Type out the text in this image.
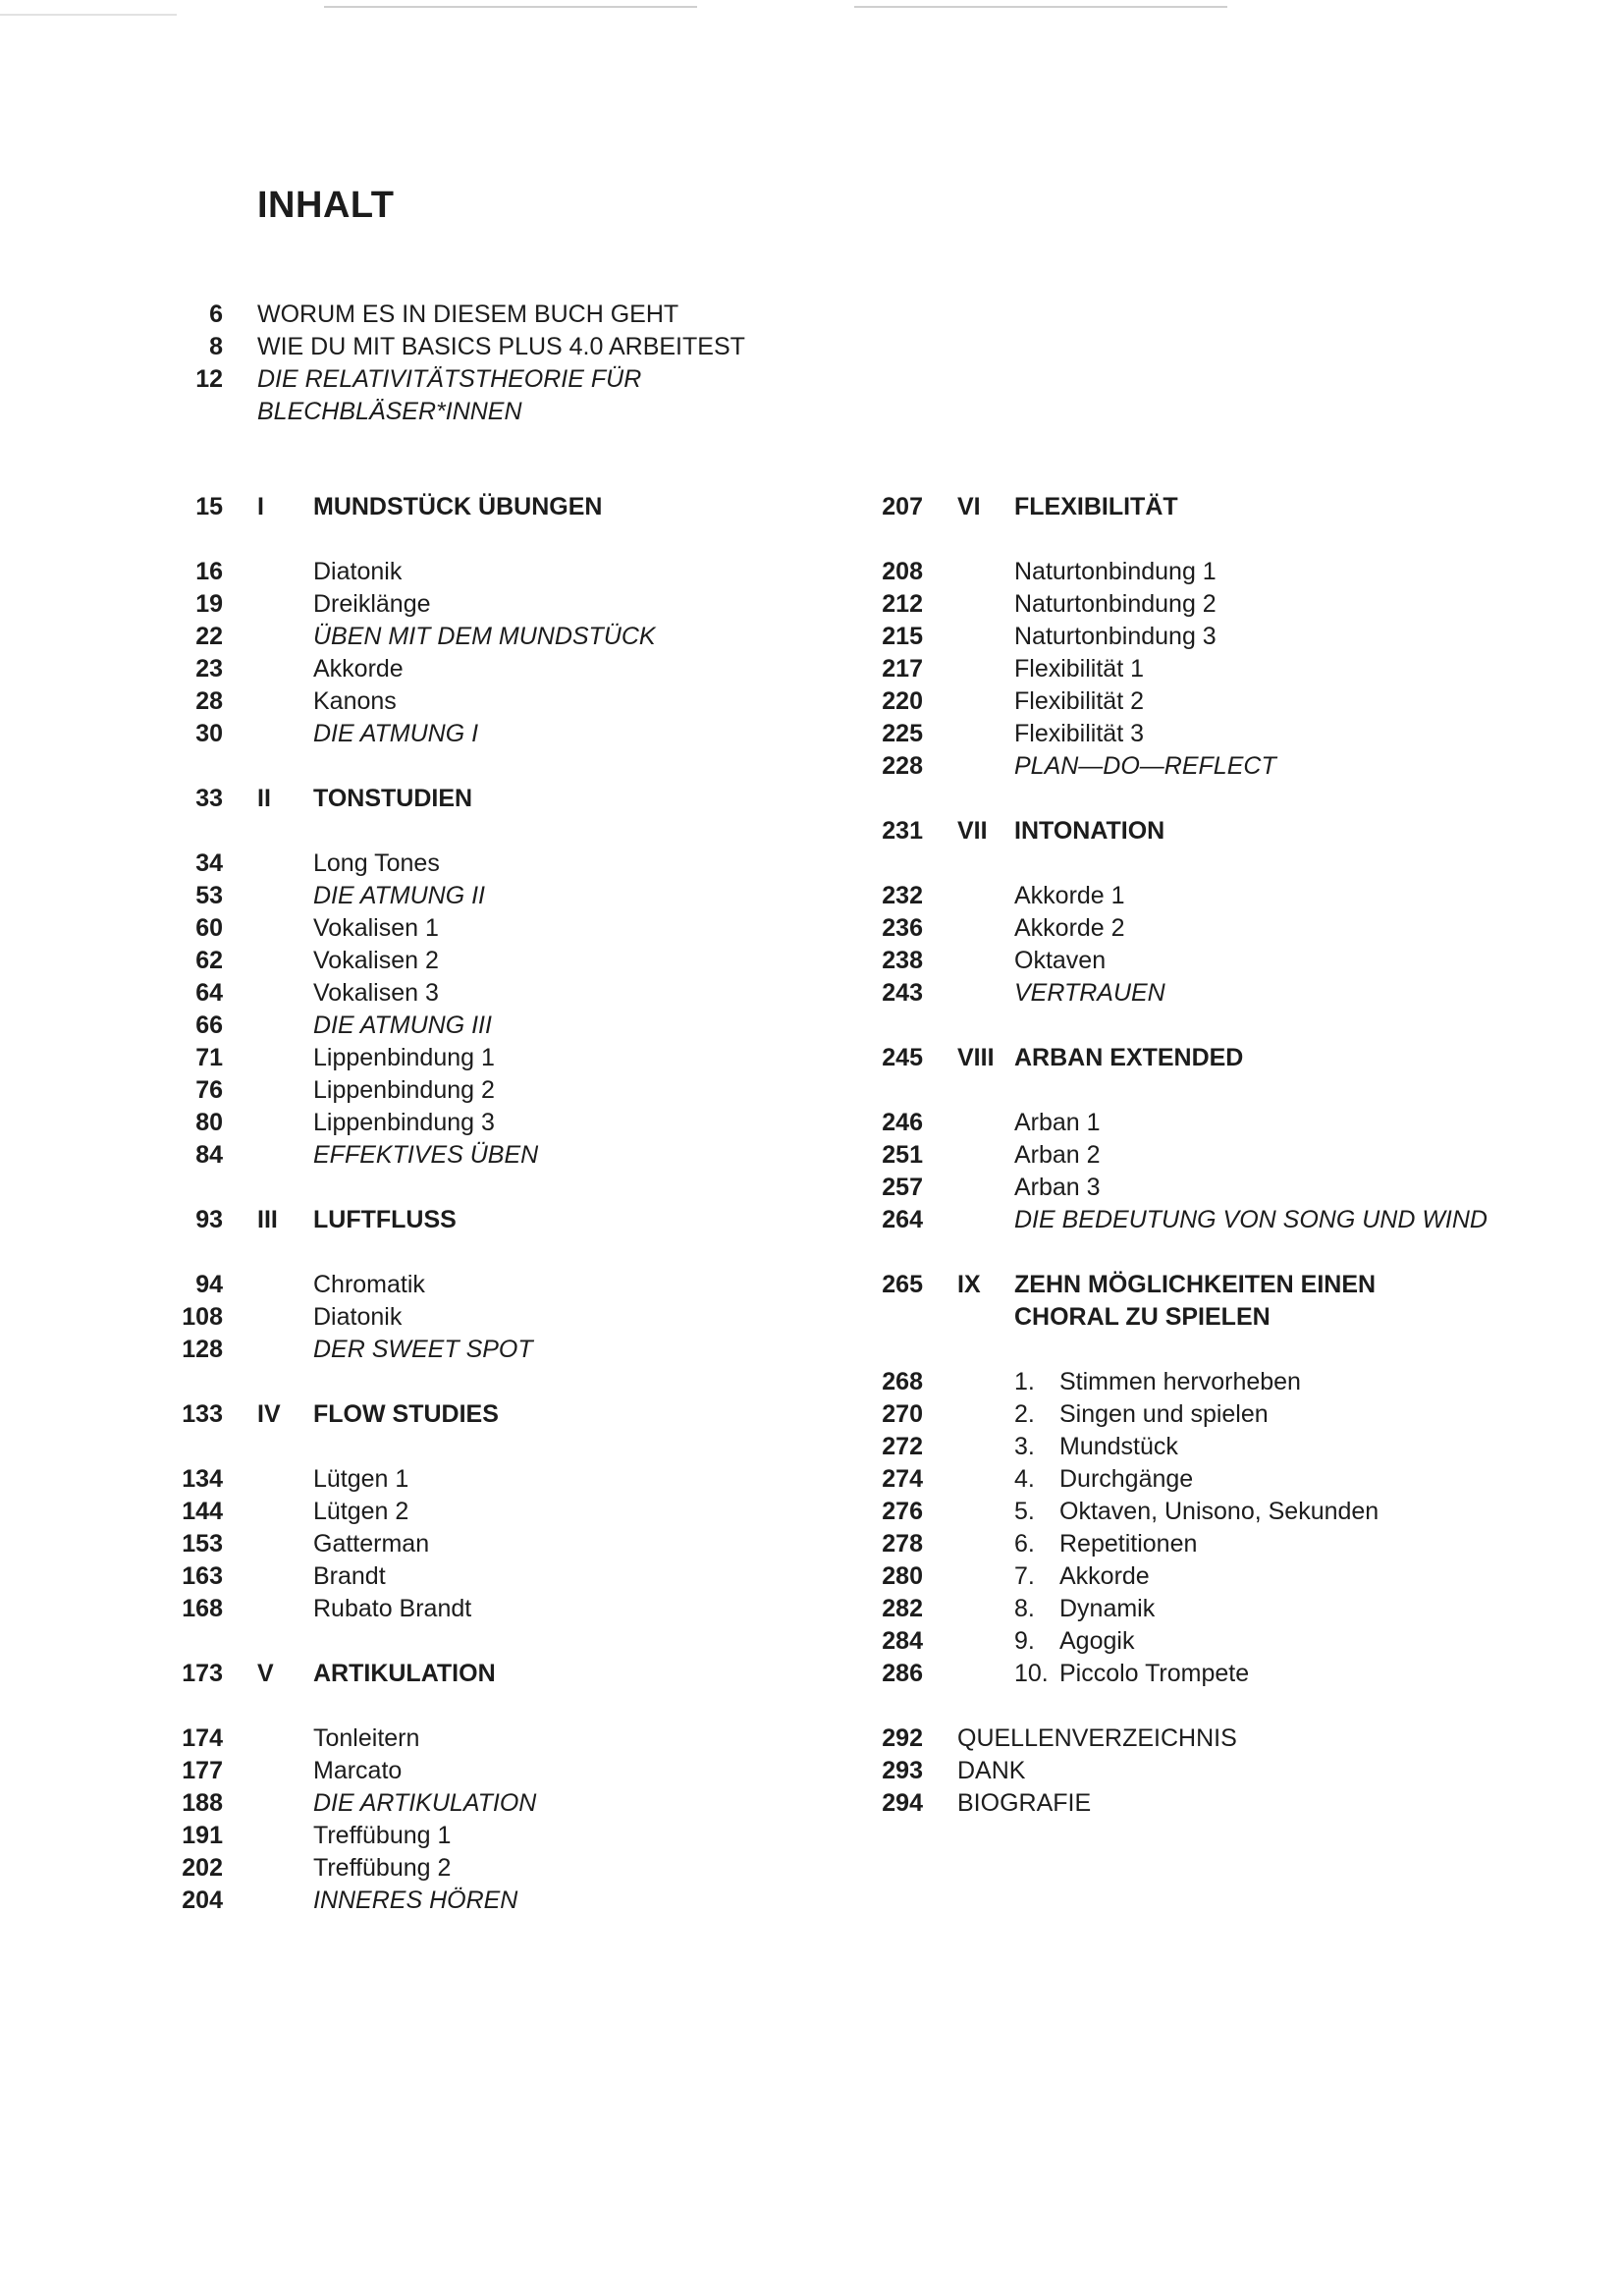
INHALT
6 WORUM ES IN DIESEM BUCH GEHT
8 WIE DU MIT BASICS PLUS 4.0 ARBEITEST
12 DIE RELATIVITÄTSTHEORIE FÜR
BLECHBLÄSER*INNEN
15 I MUNDSTÜCK ÜBUNGEN
16	Diatonik
19	Dreiklänge
22	ÜBEN MIT DEM MUNDSTÜCK
23	Akkorde
28	Kanons
30	DIE ATMUNG I
33 II TONSTUDIEN
34	Long Tones
53	DIE ATMUNG II
60	Vokalisen 1
62	Vokalisen 2
64	Vokalisen 3
66	DIE ATMUNG III
71	Lippenbindung 1
76	Lippenbindung 2
80	Lippenbindung 3
84	EFFEKTIVES ÜBEN
93 III LUFTFLUSS
94	Chromatik
108	Diatonik
128	DER SWEET SPOT
133 IV FLOW STUDIES
134	Lütgen 1
144	Lütgen 2
153	Gatterman
163	Brandt
168	Rubato Brandt
173 V ARTIKULATION
174	Tonleitern
177	Marcato
188	DIE ARTIKULATION
191	Treffübung 1
202	Treffübung 2
204	INNERES HÖREN
207 VI FLEXIBILITÄT
208	Naturtonbindung 1
212	Naturtonbindung 2
215	Naturtonbindung 3
217	Flexibilität 1
220	Flexibilität 2
225	Flexibilität 3
228	PLAN—DO—REFLECT
231 VII INTONATION
232	Akkorde 1
236	Akkorde 2
238	Oktaven
243	VERTRAUEN
245 VIII ARBAN EXTENDED
246	Arban 1
251	Arban 2
257	Arban 3
264	DIE BEDEUTUNG VON SONG UND WIND
265 IX ZEHN MÖGLICHKEITEN EINEN
CHORAL ZU SPIELEN
268	1. Stimmen hervorheben
270	2. Singen und spielen
272	3. Mundstück
274	4. Durchgänge
276	5. Oktaven, Unisono, Sekunden
278	6. Repetitionen
280	7. Akkorde
282	8. Dynamik
284	9. Agogik
286	10. Piccolo Trompete
292 QUELLENVERZEICHNIS
293 DANK
294 BIOGRAFIE
